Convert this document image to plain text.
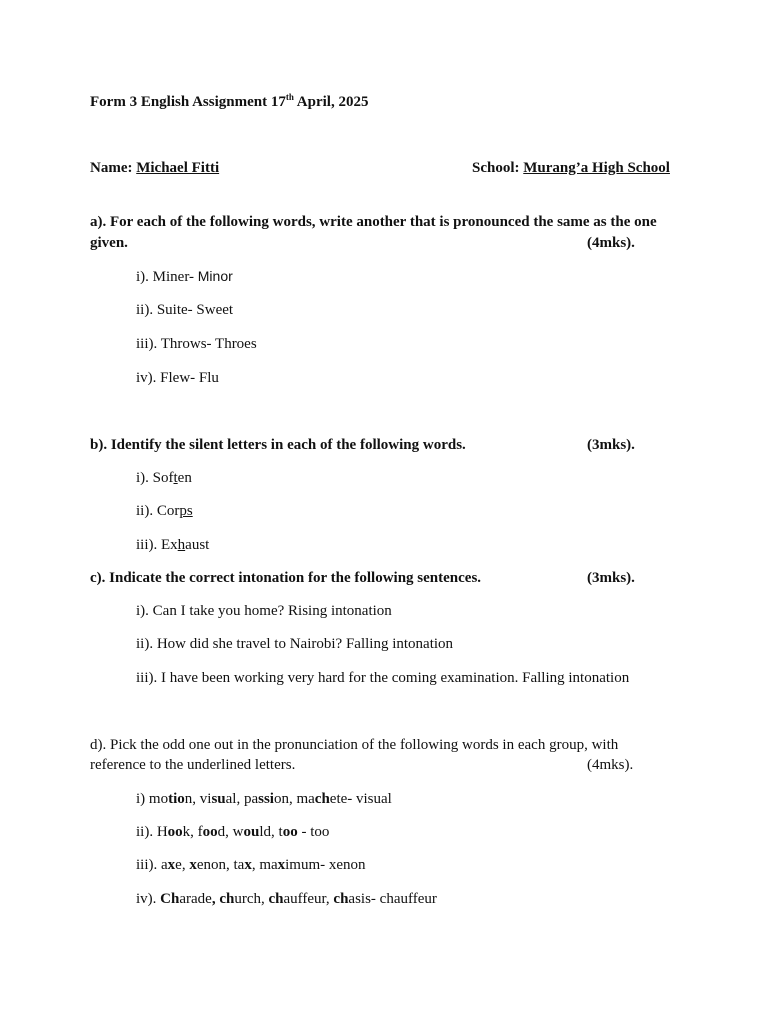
Form 3 English Assignment 17th April, 2025
Name: Michael Fitti	School: Murang’a High School
a). For each of the following words, write another that is pronounced the same as the one
given.	(4mks).
i). Miner- Minor
ii). Suite- Sweet
iii). Throws- Throes
iv). Flew- Flu
b). Identify the silent letters in each of the following words.	(3mks).
i). Soften
ii). Corps
iii). Exhaust
c). Indicate the correct intonation for the following sentences.	(3mks).
i). Can I take you home? Rising intonation
ii). How did she travel to Nairobi? Falling intonation
iii). I have been working very hard for the coming examination. Falling intonation
d). Pick the odd one out in the pronunciation of the following words in each group, with
reference to the underlined letters.	(4mks).
i) motion, visual, passion, machete- visual
ii). Hook, food, would, too - too
iii). axe, xenon, tax, maximum- xenon
iv). Charade, church, chauffeur, chasis- chauffeur
